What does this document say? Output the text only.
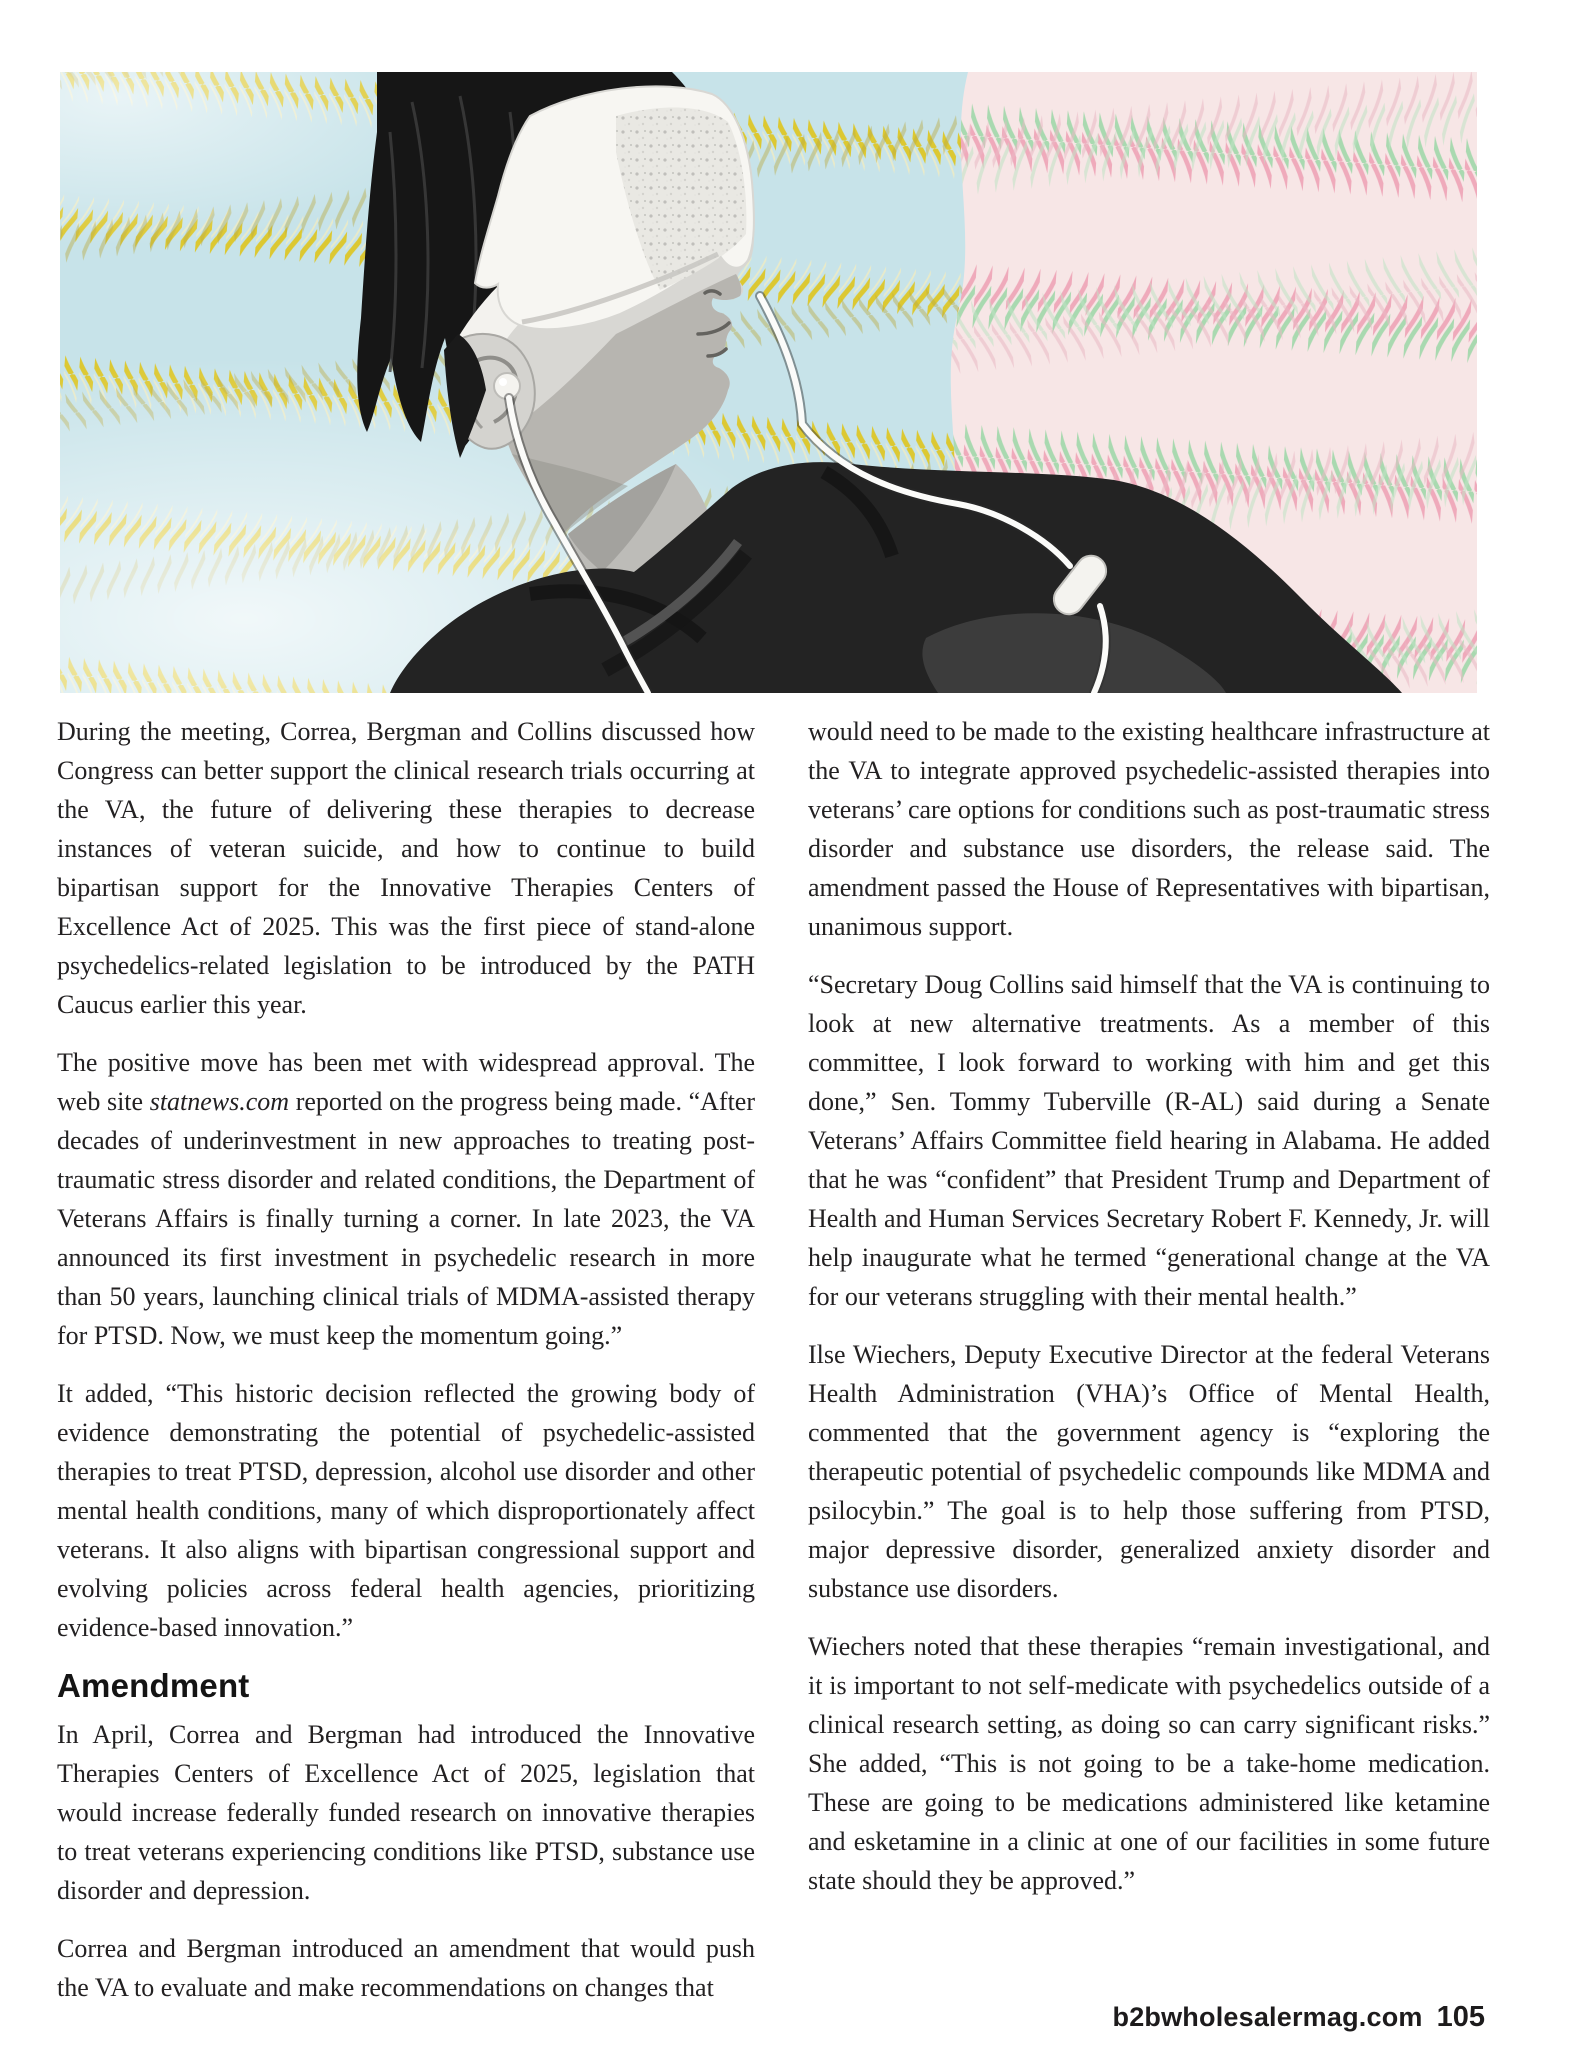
During the meeting, Correa, Bergman and Collins discussed how Congress can better support the clinical research trials occurring at the VA, the future of delivering these therapies to decrease instances of veteran suicide, and how to continue to build bipartisan support for the Innovative Therapies Centers of Excellence Act of 2025. This was the first piece of stand-alone psychedelics-related legislation to be introduced by the PATH Caucus earlier this year.

The positive move has been met with widespread approval. The web site statnews.com reported on the progress being made. “After decades of underinvestment in new approaches to treating post-traumatic stress disorder and related conditions, the Department of Veterans Affairs is finally turning a corner. In late 2023, the VA announced its first investment in psychedelic research in more than 50 years, launching clinical trials of MDMA-assisted therapy for PTSD. Now, we must keep the momentum going.”

It added, “This historic decision reflected the growing body of evidence demonstrating the potential of psychedelic-assisted therapies to treat PTSD, depression, alcohol use disorder and other mental health conditions, many of which disproportionately affect veterans. It also aligns with bipartisan congressional support and evolving policies across federal health agencies, prioritizing evidence-based innovation.”

Amendment

In April, Correa and Bergman had introduced the Innovative Therapies Centers of Excellence Act of 2025, legislation that would increase federally funded research on innovative therapies to treat veterans experiencing conditions like PTSD, substance use disorder and depression.

Correa and Bergman introduced an amendment that would push the VA to evaluate and make recommendations on changes that

would need to be made to the existing healthcare infrastructure at the VA to integrate approved psychedelic-assisted therapies into veterans’ care options for conditions such as post-traumatic stress disorder and substance use disorders, the release said. The amendment passed the House of Representatives with bipartisan, unanimous support.

“Secretary Doug Collins said himself that the VA is continuing to look at new alternative treatments. As a member of this committee, I look forward to working with him and get this done,” Sen. Tommy Tuberville (R-AL) said during a Senate Veterans’ Affairs Committee field hearing in Alabama. He added that he was “confident” that President Trump and Department of Health and Human Services Secretary Robert F. Kennedy, Jr. will help inaugurate what he termed “generational change at the VA for our veterans struggling with their mental health.”

Ilse Wiechers, Deputy Executive Director at the federal Veterans Health Administration (VHA)’s Office of Mental Health, commented that the government agency is “exploring the therapeutic potential of psychedelic compounds like MDMA and psilocybin.” The goal is to help those suffering from PTSD, major depressive disorder, generalized anxiety disorder and substance use disorders.

Wiechers noted that these therapies “remain investigational, and it is important to not self-medicate with psychedelics outside of a clinical research setting, as doing so can carry significant risks.” She added, “This is not going to be a take-home medication. These are going to be medications administered like ketamine and esketamine in a clinic at one of our facilities in some future state should they be approved.”

b2bwholesalermag.com 105
